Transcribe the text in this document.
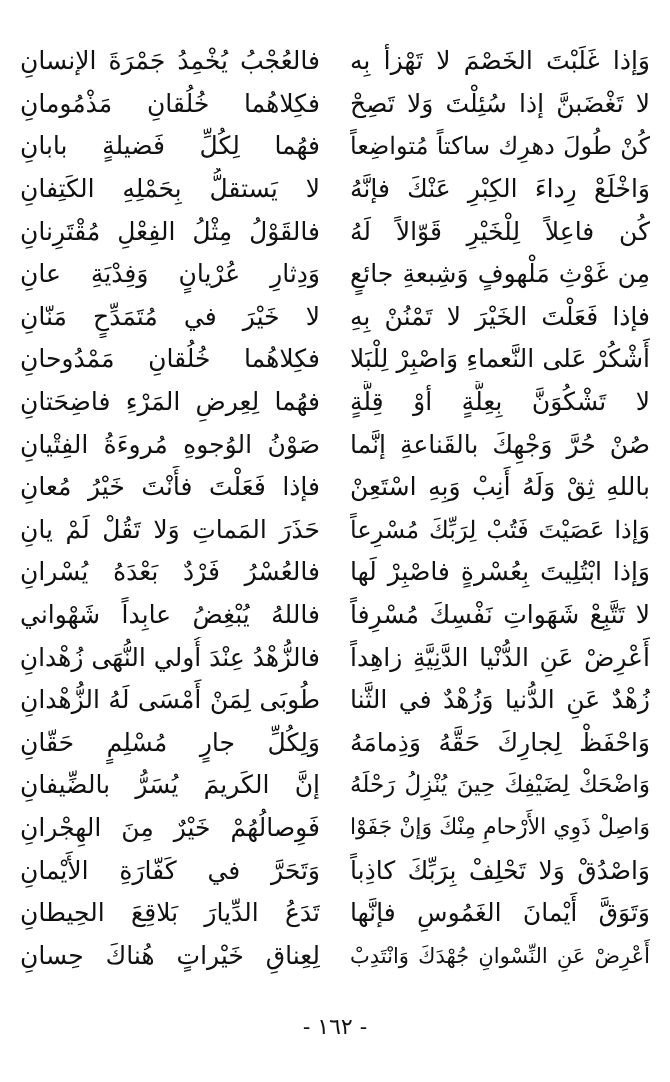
وَإذا غَلَبْتَ الخَصْمَ لا تَهْزأ بِه
فالعُجْبُ يُخْمِدُ جَمْرَةَ الإنسانِ
لا تَغْضَبنَّ إذا سُئِلْتَ وَلا تَصِحْ
فكِلاهُما خُلُقانِ مَذْمُومانِ
كُنْ طُولَ دهرِك ساكتاً مُتواضِعاً
فهُما لِكُلِّ فَضيلةٍ بابانِ
وَاخْلَعْ رِداءَ الكِبْرِ عَنْكَ فإنَّهُ
لا يَستقلُّ بِحَمْلِهِ الكَتِفانِ
كُن فاعِلاً لِلْخَيْرِ قَوّالاً لَهُ
فالقَوْلُ مِثْلُ الفِعْلِ مُقْتَرِنانِ
مِن غَوْثِ مَلْهوفٍ وَشِبعةِ جائعٍ
وَدِثارِ عُرْيانٍ وَفِدْيَةِ عانِ
فإذا فَعَلْتَ الخَيْرَ لا تَمْنُنْ بِهِ
لا خَيْرَ في مُتَمَدِّحٍ مَنّانِ
أَشْكُرْ عَلى النَّعماءِ وَاصْبِرْ لِلْبَلا
فكِلاهُما خُلُقانِ مَمْدُوحانِ
لا تَشْكُوَنَّ بِعِلَّةٍ أوْ قِلَّةٍ
فهُما لِعِرضِ المَرْءِ فاضِحَتانِ
صُنْ حُرَّ وَجْهِكَ بالقَناعةِ إنَّما
صَوْنُ الوُجوهِ مُروءَةُ الفِتْيانِ
باللهِ ثِقْ وَلَهُ أَنِبْ وَبِهِ اسْتَعِنْ
فإذا فَعَلْتَ فأَنْتَ خَيْرُ مُعانِ
وَإذا عَصَيْتَ فَتُبْ لِرَبِّكَ مُسْرِعاً
حَذَرَ المَماتِ وَلا تَقُلْ لَمْ يانِ
وَإذا ابْتُلِيتَ بِعُسْرةٍ فاصْبِرْ لَها
فالعُسْرُ فَرْدٌ بَعْدَهُ يُسْرانِ
لا تَتَّبِعْ شَهَواتِ نَفْسِكَ مُسْرِفاً
فاللهُ يُبْغِضُ عابِداً شَهْواني
أَعْرِضْ عَنِ الدُّنْيا الدَّنِيَّةِ زاهِداً
فالزُّهْدُ عِنْدَ أُولي النُّهَى زُهْدانِ
زُهْدٌ عَنِ الدُّنيا وَزُهْدٌ في الثَّنا
طُوبَى لِمَنْ أَمْسَى لَهُ الزُّهْدانِ
وَاحْفَظْ لِجارِكَ حَقَّهُ وَذِمامَهُ
وَلِكُلِّ جارٍ مُسْلِمٍ حَقّانِ
وَاضْحَكْ لِضَيْفِكَ حِينَ يُنْزِلُ رَحْلَهُ
إنَّ الكَريمَ يُسَرُّ بالضِّيفانِ
وَاصِلْ ذَوِي الأَرْحامِ مِنْكَ وَإنْ جَفَوْا
فَوِصالُهُمْ خَيْرٌ مِنَ الهِجْرانِ
وَاصْدُقْ وَلا تَحْلِفْ بِرَبِّكَ كاذِباً
وَتَحَرَّ في كَفّارَةِ الأَيْمانِ
وَتَوَقَّ أَيْمانَ الغَمُوسِ فإنَّها
تَدَعُ الدِّيارَ بَلاقِعَ الحِيطانِ
أَعْرِضْ عَنِ النِّسْوانِ جُهْدَكَ وَانْتَدِبْ
لِعِناقِ خَيْراتٍ هُناكَ حِسانِ
- ١٦٢ -
